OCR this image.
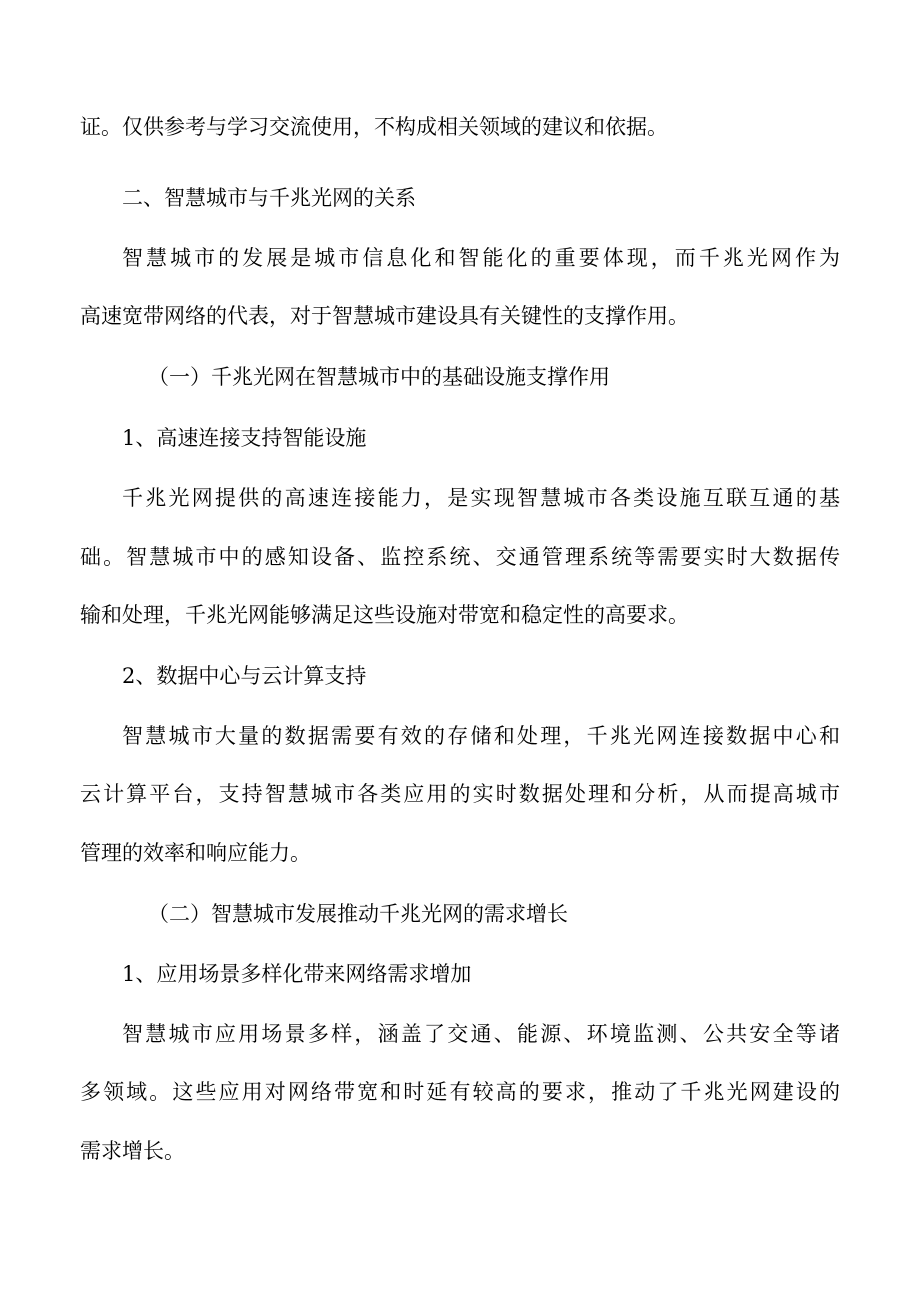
证。仅供参考与学习交流使用，不构成相关领域的建议和依据。
二、智慧城市与千兆光网的关系
智慧城市的发展是城市信息化和智能化的重要体现，而千兆光网作为
高速宽带网络的代表，对于智慧城市建设具有关键性的支撑作用。
（一）千兆光网在智慧城市中的基础设施支撑作用
1、高速连接支持智能设施
千兆光网提供的高速连接能力，是实现智慧城市各类设施互联互通的基
础。智慧城市中的感知设备、监控系统、交通管理系统等需要实时大数据传
输和处理，千兆光网能够满足这些设施对带宽和稳定性的高要求。
2、数据中心与云计算支持
智慧城市大量的数据需要有效的存储和处理，千兆光网连接数据中心和
云计算平台，支持智慧城市各类应用的实时数据处理和分析，从而提高城市
管理的效率和响应能力。
（二）智慧城市发展推动千兆光网的需求增长
1、应用场景多样化带来网络需求增加
智慧城市应用场景多样，涵盖了交通、能源、环境监测、公共安全等诸
多领域。这些应用对网络带宽和时延有较高的要求，推动了千兆光网建设的
需求增长。
